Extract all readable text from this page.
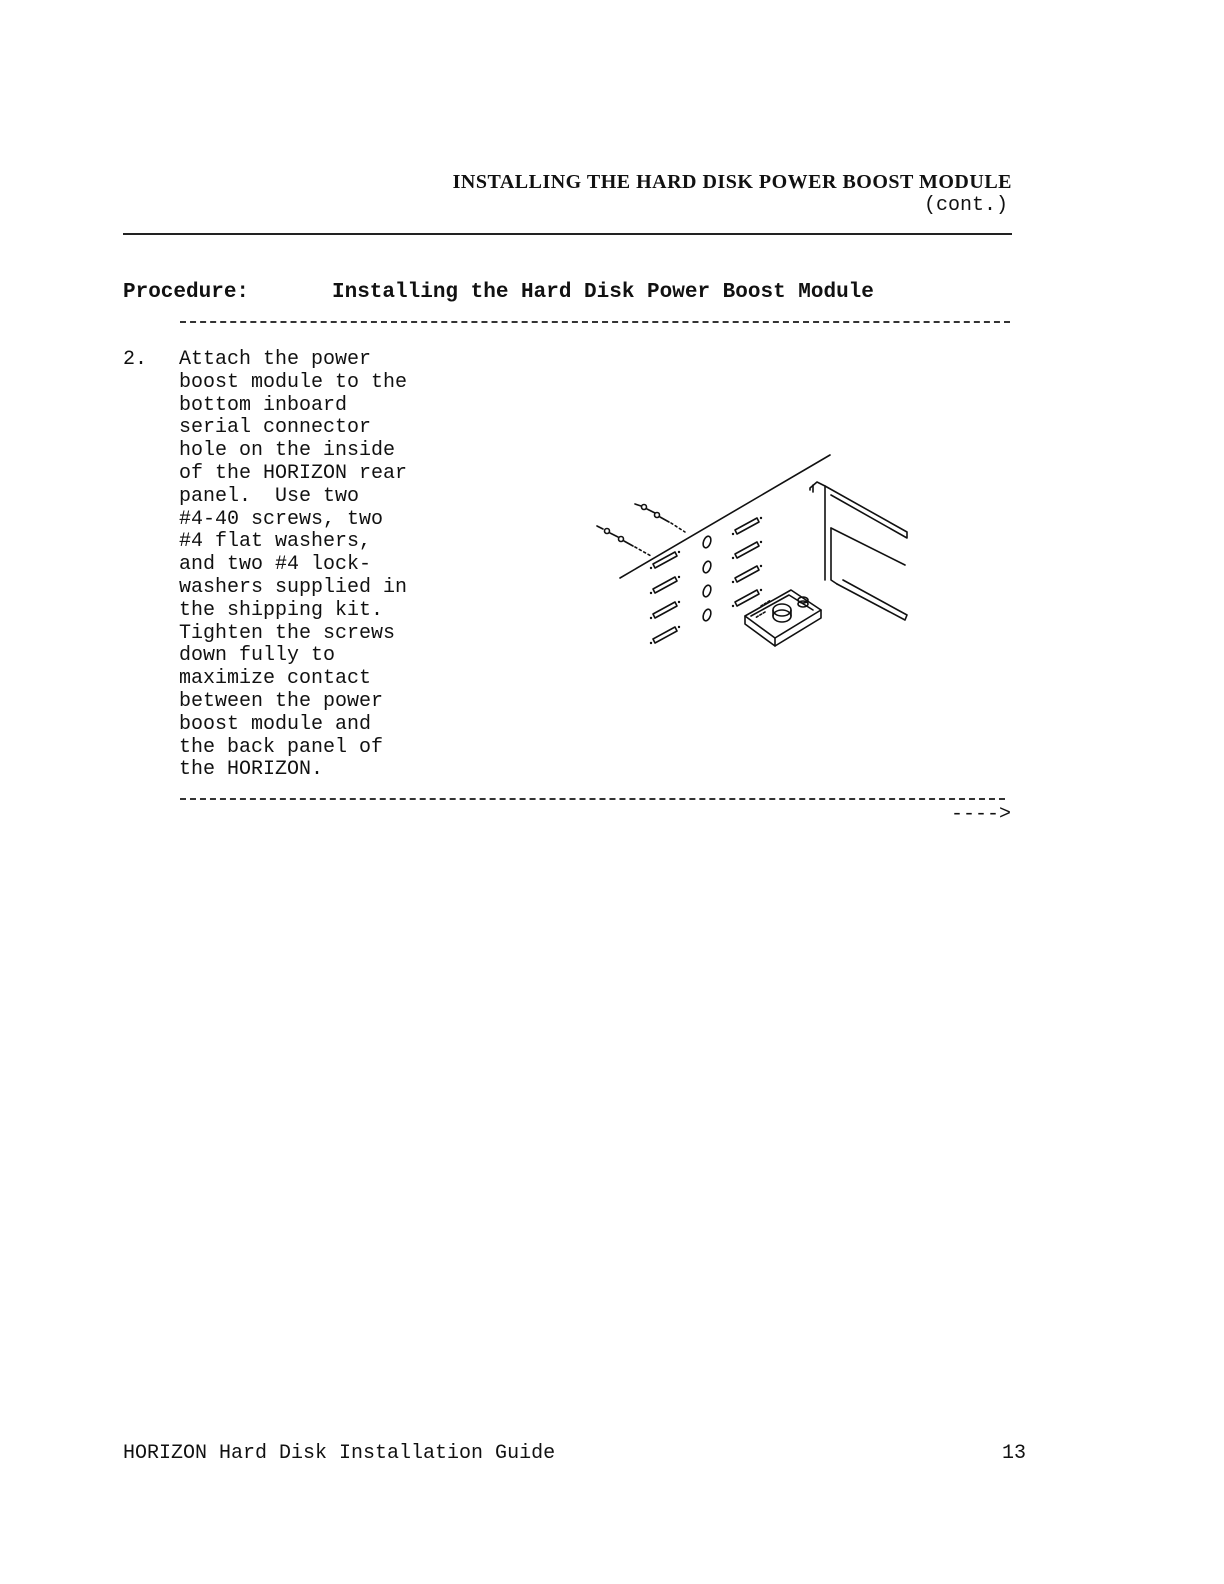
INSTALLING THE HARD DISK POWER BOOST MODULE
(cont.)
Procedure:	Installing the Hard Disk Power Boost Module
2. Attach the power
boost module to the
bottom inboard
serial connector
hole on the inside
of the HORIZON rear
panel.  Use two
#4-40 screws, two
#4 flat washers,
and two #4 lock-
washers supplied in
the shipping kit.
Tighten the screws
down fully to
maximize contact
between the power
boost module and
the back panel of
the HORIZON.
---->
HORIZON Hard Disk Installation Guide	13
